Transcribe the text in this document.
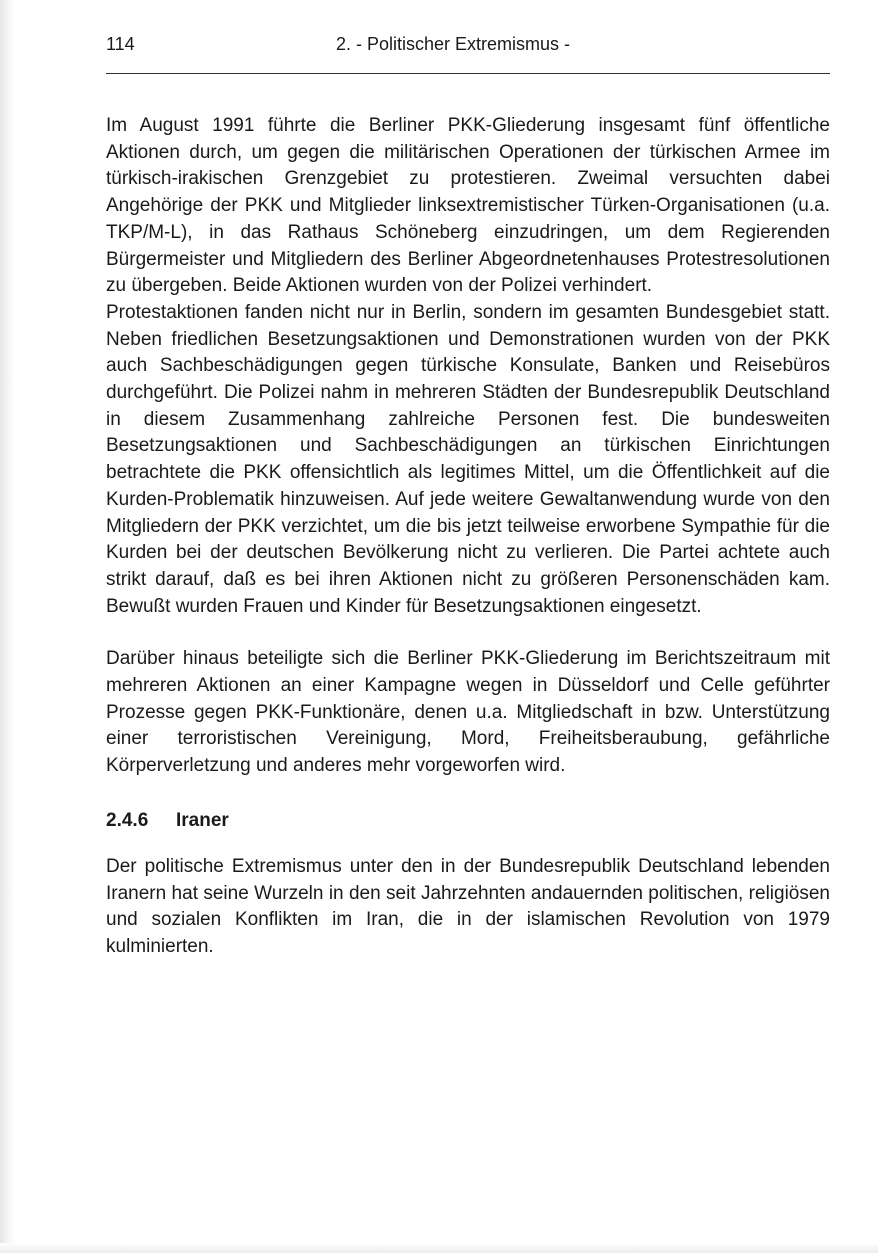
114	2. - Politischer Extremismus -

Im August 1991 führte die Berliner PKK-Gliederung insgesamt fünf öffentliche Aktionen durch, um gegen die militärischen Operationen der türkischen Armee im türkisch-irakischen Grenzgebiet zu protestieren. Zweimal versuchten dabei Angehörige der PKK und Mitglieder linksextremistischer Türken-Organisationen (u.a. TKP/M-L), in das Rathaus Schöneberg einzudringen, um dem Regierenden Bürgermeister und Mitgliedern des Berliner Abgeordnetenhauses Protestresolutionen zu übergeben. Beide Aktionen wurden von der Polizei verhindert.

Protestaktionen fanden nicht nur in Berlin, sondern im gesamten Bundesgebiet statt. Neben friedlichen Besetzungsaktionen und Demonstrationen wurden von der PKK auch Sachbeschädigungen gegen türkische Konsulate, Banken und Reisebüros durchgeführt. Die Polizei nahm in mehreren Städten der Bundesrepublik Deutschland in diesem Zusammenhang zahlreiche Personen fest. Die bundesweiten Besetzungsaktionen und Sachbeschädigungen an türkischen Einrichtungen betrachtete die PKK offensichtlich als legitimes Mittel, um die Öffentlichkeit auf die Kurden-Problematik hinzuweisen. Auf jede weitere Gewaltanwendung wurde von den Mitgliedern der PKK verzichtet, um die bis jetzt teilweise erworbene Sympathie für die Kurden bei der deutschen Bevölkerung nicht zu verlieren. Die Partei achtete auch strikt darauf, daß es bei ihren Aktionen nicht zu größeren Personenschäden kam. Bewußt wurden Frauen und Kinder für Besetzungsaktionen eingesetzt.

Darüber hinaus beteiligte sich die Berliner PKK-Gliederung im Berichtszeitraum mit mehreren Aktionen an einer Kampagne wegen in Düsseldorf und Celle geführter Prozesse gegen PKK-Funktionäre, denen u.a. Mitgliedschaft in bzw. Unterstützung einer terroristischen Vereinigung, Mord, Freiheitsberaubung, gefährliche Körperverletzung und anderes mehr vorgeworfen wird.

2.4.6 Iraner

Der politische Extremismus unter den in der Bundesrepublik Deutschland lebenden Iranern hat seine Wurzeln in den seit Jahrzehnten andauernden politischen, religiösen und sozialen Konflikten im Iran, die in der islamischen Revolution von 1979 kulminierten.
